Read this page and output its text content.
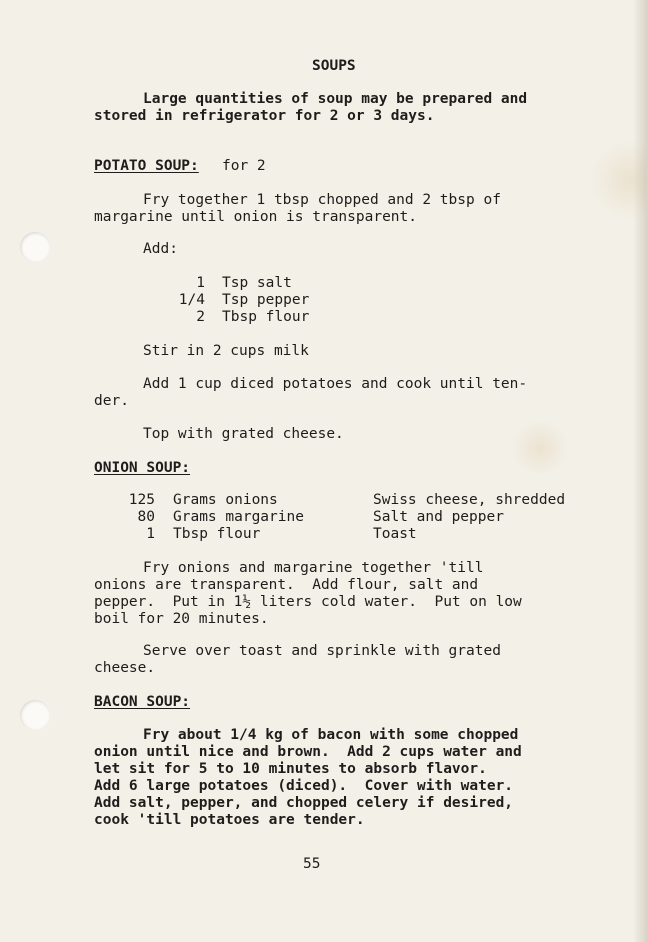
SOUPS
Large quantities of soup may be prepared and
stored in refrigerator for 2 or 3 days.
POTATO SOUP: for 2
Fry together 1 tbsp chopped and 2 tbsp of
margarine until onion is transparent.
Add:
1 Tsp salt
1/4 Tsp pepper
2 Tbsp flour
Stir in 2 cups milk
Add 1 cup diced potatoes and cook until ten-
der.
Top with grated cheese.
ONION SOUP:
125 Grams onions
80 Grams margarine
1 Tbsp flour
Swiss cheese, shredded
Salt and pepper
Toast
Fry onions and margarine together 'till
onions are transparent.  Add flour, salt and
pepper.  Put in 1½ liters cold water.  Put on low
boil for 20 minutes.
Serve over toast and sprinkle with grated
cheese.
BACON SOUP:
Fry about 1/4 kg of bacon with some chopped
onion until nice and brown.  Add 2 cups water and
let sit for 5 to 10 minutes to absorb flavor.
Add 6 large potatoes (diced).  Cover with water.
Add salt, pepper, and chopped celery if desired,
cook 'till potatoes are tender.
55
